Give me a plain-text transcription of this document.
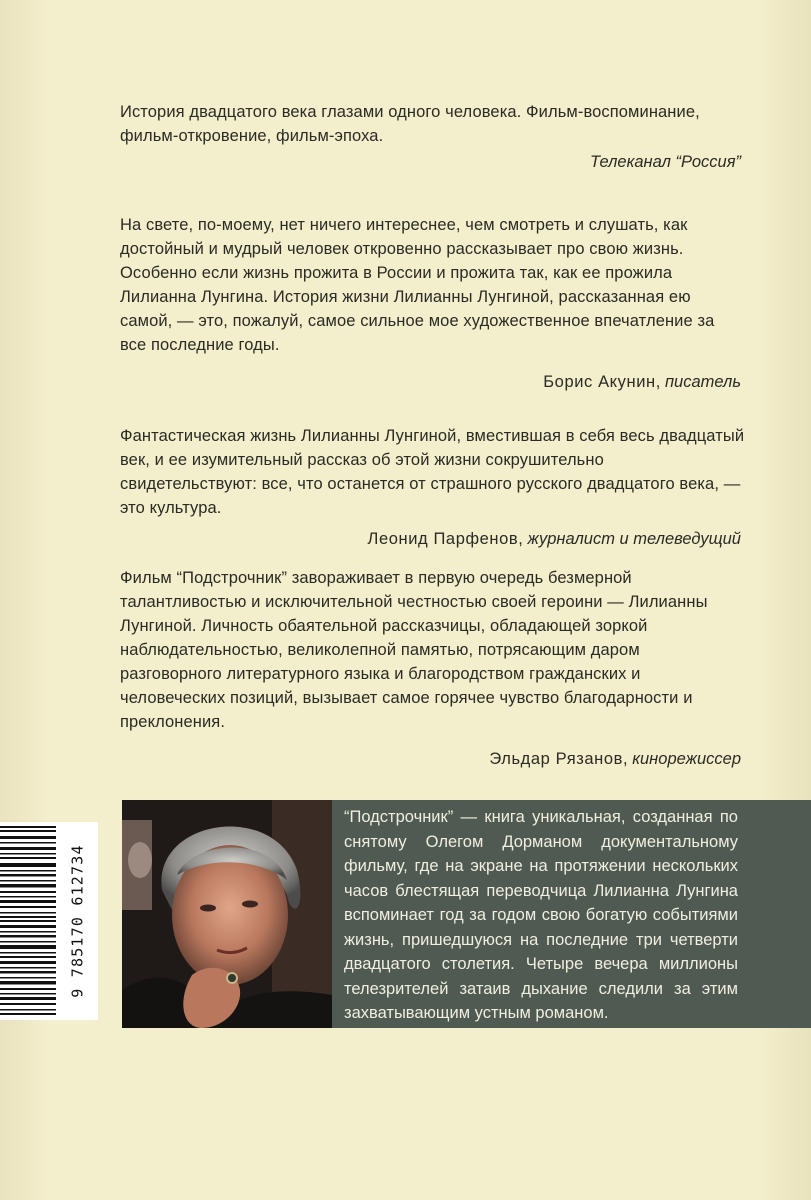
История двадцатого века глазами одного человека. Фильм-воспоминание, фильм-откровение, фильм-эпоха.

Телеканал “Россия”

На свете, по-моему, нет ничего интереснее, чем смотреть и слушать, как достойный и мудрый человек откровенно рассказывает про свою жизнь. Особенно если жизнь прожита в России и прожита так, как ее прожила Лилианна Лунгина. История жизни Лилианны Лунгиной, рассказанная ею самой, — это, пожалуй, самое сильное мое художественное впечатление за все последние годы.

Борис Акунин, писатель

Фантастическая жизнь Лилианны Лунгиной, вместившая в себя весь двадцатый век, и ее изумительный рассказ об этой жизни сокрушительно свидетельствуют: все, что останется от страшного русского двадцатого века, — это культура.

Леонид Парфенов, журналист и телеведущий

Фильм “Подстрочник” завораживает в первую очередь безмерной талантливостью и исключительной честностью своей героини — Лилианны Лунгиной. Личность обаятельной рассказчицы, обладающей зоркой наблюдательностью, великолепной памятью, потрясающим даром разговорного литературного языка и благородством гражданских и человеческих позиций, вызывает самое горячее чувство благодарности и преклонения.

Эльдар Рязанов, кинорежиссер

“Подстрочник” — книга уникальная, созданная по снятому Олегом Дорманом документальному фильму, где на экране на протяжении нескольких часов блестящая переводчица Лилианна Лунгина вспоминает год за годом свою богатую событиями жизнь, пришедшуюся на последние три четверти двадцатого столетия. Четыре вечера миллионы телезрителей затаив дыхание следили за этим захватывающим устным романом.

9 785170 612734
